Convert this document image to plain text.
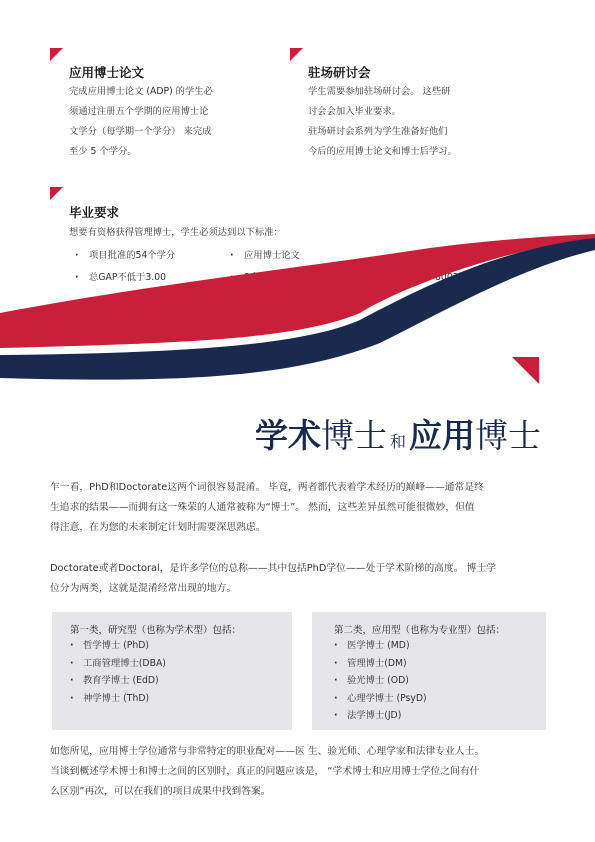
应用博士论文
完成应用博士论文 (ADP) 的学生必
须通过注册五个学期的应用博士论
文学分（每学期一个学分） 来完成
至少 5 个学分。
驻场研讨会
学生需要参加驻场研讨会。 这些研
讨会会加入毕业要求。
驻场研讨会系列为学生准备好他们
今后的应用博士论文和博士后学习。
毕业要求
想要有资格获得管理博士，学生必须达到以下标准：
· 项目批准的54个学分
· 总GAP不低于3.00
· 应用博士论文
·
学术博士 和应用博士
乍一看，PhD和Doctorate这两个词很容易混淆。 毕竟，两者都代表着学术经历的巅峰——通常是终
生追求的结果——而拥有这一殊荣的人通常被称为“博士”。 然而，这些差异虽然可能很微妙，但值
得注意，在为您的未来制定计划时需要深思熟虑。
Doctorate或者Doctoral，是许多学位的总称——其中包括PhD学位——处于学术阶梯的高度。 博士学
位分为两类，这就是混淆经常出现的地方。
第一类，研究型（也称为学术型）包括：
· 哲学博士 (PhD)
· 工商管理博士(DBA)
· 教育学博士 (EdD)
· 神学博士 (ThD)
第二类，应用型（也称为专业型）包括：
· 医学博士 (MD)
· 管理博士(DM)
· 验光博士 (OD)
· 心理学博士 (PsyD)
· 法学博士(JD)
如您所见，应用博士学位通常与非常特定的职业配对——医 生、验光师、心理学家和法律专业人士。
当谈到概述学术博士和博士之间的区别时，真正的问题应该是， “学术博士和应用博士学位之间有什
么区别”再次，可以在我们的项目成果中找到答案。
